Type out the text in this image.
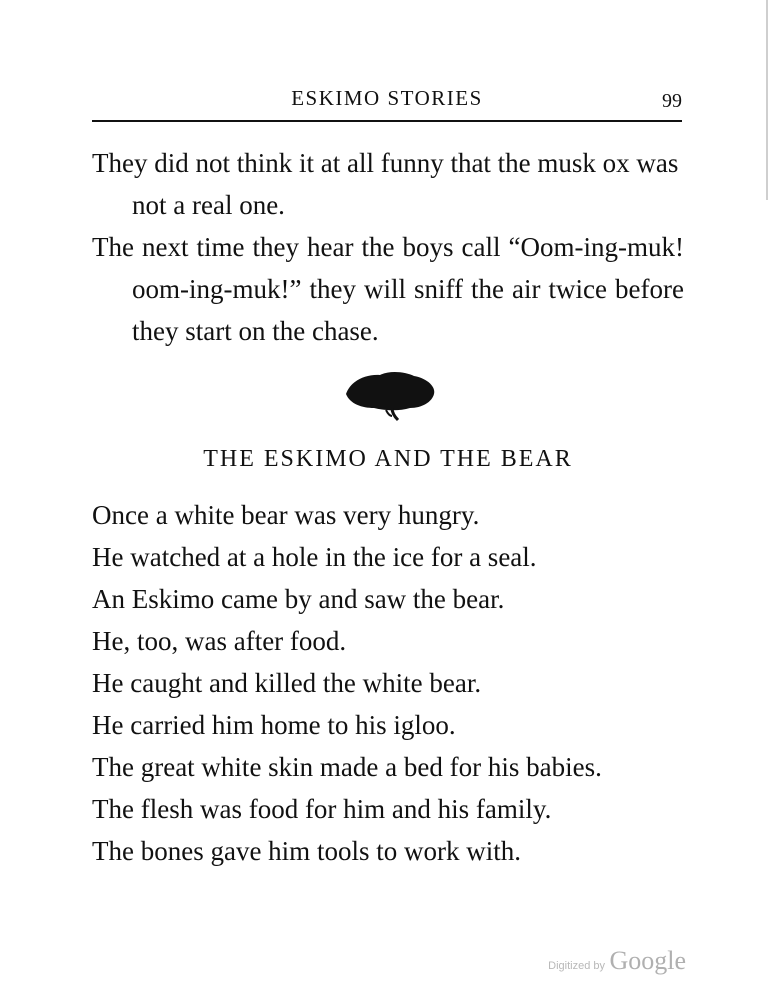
ESKIMO STORIES	99

They did not think it at all funny that the musk ox was not a real one.

The next time they hear the boys call “Oom-ing-muk! oom-ing-muk!” they will sniff the air twice before they start on the chase.

THE ESKIMO AND THE BEAR

Once a white bear was very hungry.

He watched at a hole in the ice for a seal.

An Eskimo came by and saw the bear.

He, too, was after food.

He caught and killed the white bear.

He carried him home to his igloo.

The great white skin made a bed for his babies.

The flesh was food for him and his family.

The bones gave him tools to work with.

Digitized by Google
